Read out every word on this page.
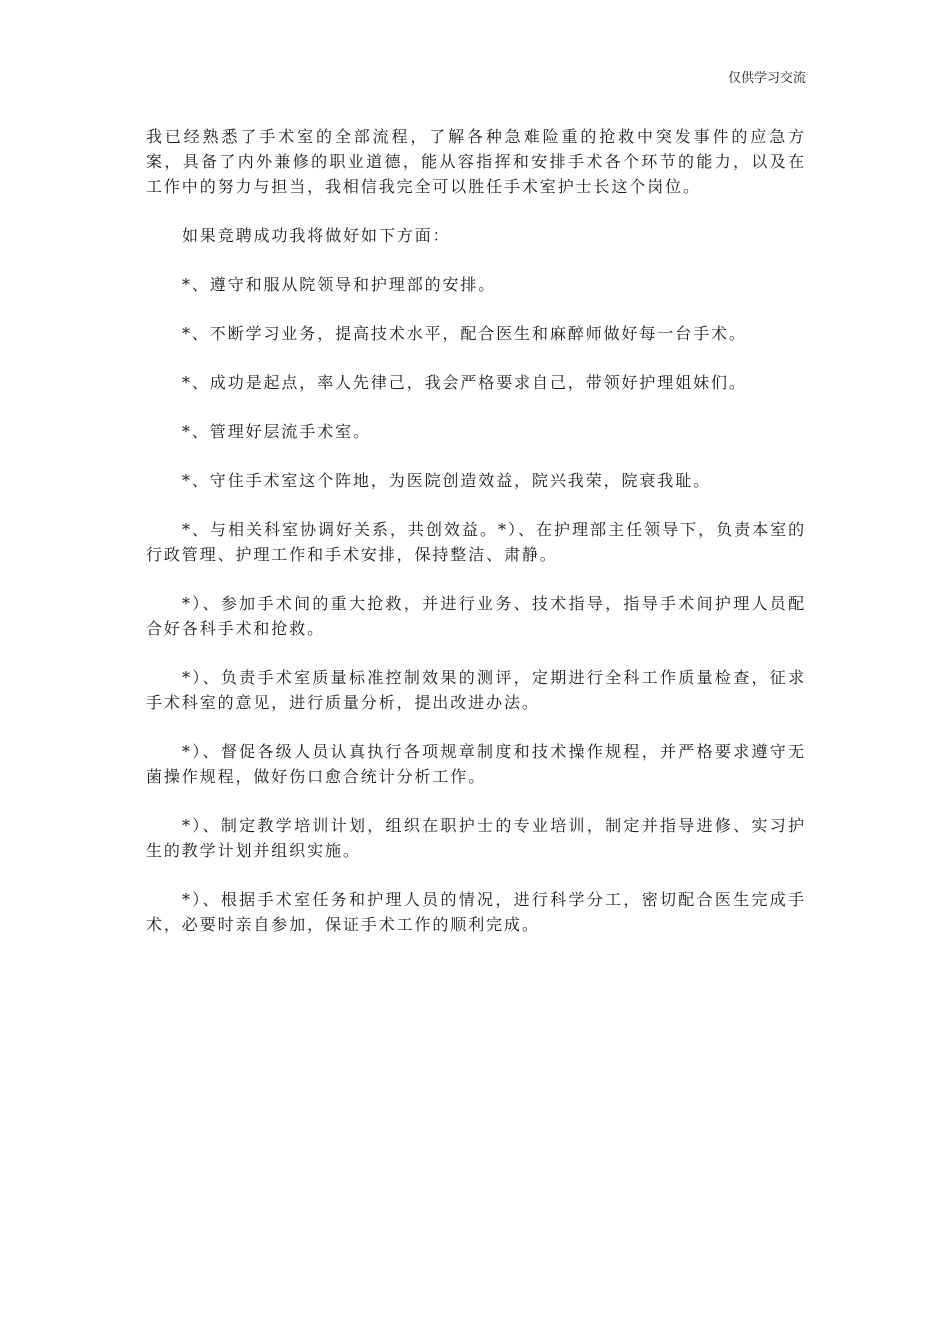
仅供学习交流

我已经熟悉了手术室的全部流程，了解各种急难险重的抢救中突发事件的应急方案，具备了内外兼修的职业道德，能从容指挥和安排手术各个环节的能力，以及在工作中的努力与担当，我相信我完全可以胜任手术室护士长这个岗位。

如果竞聘成功我将做好如下方面：

*、遵守和服从院领导和护理部的安排。

*、不断学习业务，提高技术水平，配合医生和麻醉师做好每一台手术。

*、成功是起点，率人先律己，我会严格要求自己，带领好护理姐妹们。

*、管理好层流手术室。

*、守住手术室这个阵地，为医院创造效益，院兴我荣，院衰我耻。

*、与相关科室协调好关系，共创效益。*）、在护理部主任领导下，负责本室的行政管理、护理工作和手术安排，保持整洁、肃静。

*）、参加手术间的重大抢救，并进行业务、技术指导，指导手术间护理人员配合好各科手术和抢救。

*）、负责手术室质量标准控制效果的测评，定期进行全科工作质量检查，征求手术科室的意见，进行质量分析，提出改进办法。

*）、督促各级人员认真执行各项规章制度和技术操作规程，并严格要求遵守无菌操作规程，做好伤口愈合统计分析工作。

*）、制定教学培训计划，组织在职护士的专业培训，制定并指导进修、实习护生的教学计划并组织实施。

*）、根据手术室任务和护理人员的情况，进行科学分工，密切配合医生完成手术，必要时亲自参加，保证手术工作的顺利完成。
